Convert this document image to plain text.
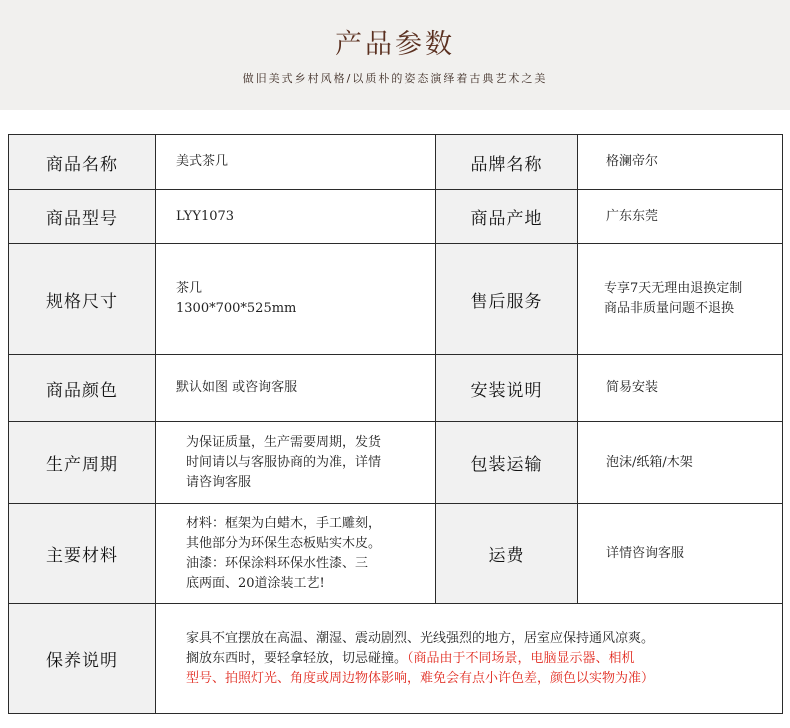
产品参数
做旧美式乡村风格/以质朴的姿态演绎着古典艺术之美
商品名称	美式茶几	品牌名称	格澜帝尔

商品型号	LYY1073	商品产地	广东东莞

规格尺寸	茶几
1300*700*525mm	售后服务	专享7天无理由退换定制
商品非质量问题不退换

商品颜色	默认如图 或咨询客服	安装说明	简易安装

生产周期	为保证质量，生产需要周期，发货
时间请以与客服协商的为准，详情
请咨询客服	包装运输	泡沫/纸箱/木架

主要材料	材料：框架为白蜡木，手工雕刻，
其他部分为环保生态板贴实木皮。
油漆：环保涂料环保水性漆、三
底两面、20道涂装工艺!	运费	详情咨询客服

保养说明	家具不宜摆放在高温、潮湿、震动剧烈、光线强烈的地方，居室应保持通风凉爽。
搁放东西时，要轻拿轻放，切忌碰撞。（商品由于不同场景，电脑显示器、相机
型号、拍照灯光、角度或周边物体影响，难免会有点小许色差，颜色以实物为准）		
